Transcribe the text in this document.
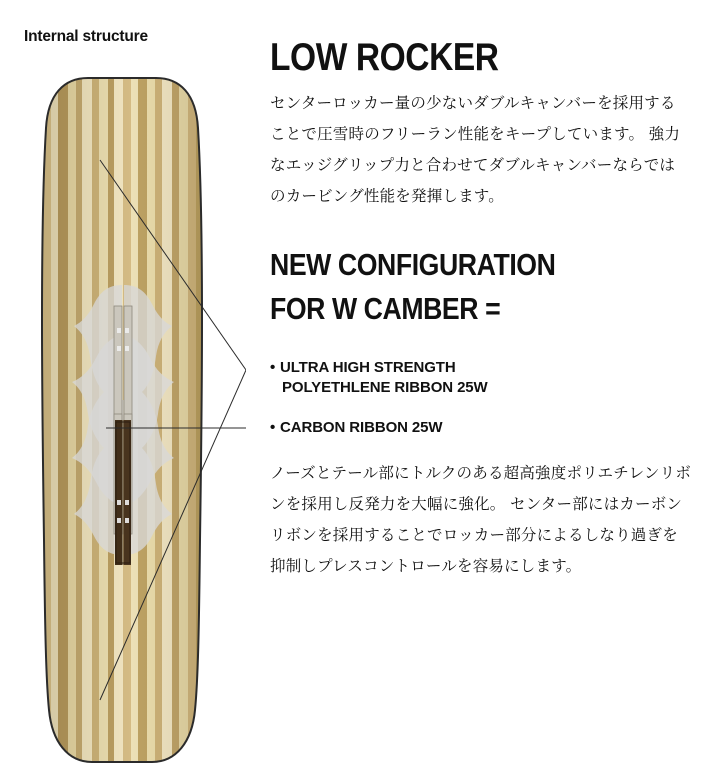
Internal structure	LOW ROCKER
センターロッカー量の少ないダブルキャンバーを採用することで圧雪時のフリーラン性能をキープしています。 強力なエッジグリップ力と合わせてダブルキャンバーならではのカービング性能を発揮します。
NEW CONFIGURATION
FOR W CAMBER =
• ULTRA HIGH STRENGTH
POLYETHLENE RIBBON 25W
• CARBON RIBBON 25W
ノーズとテール部にトルクのある超高強度ポリエチレンリボンを採用し反発力を大幅に強化。 センター部にはカーボンリボンを採用することでロッカー部分によるしなり過ぎを抑制しプレスコントロールを容易にします。
